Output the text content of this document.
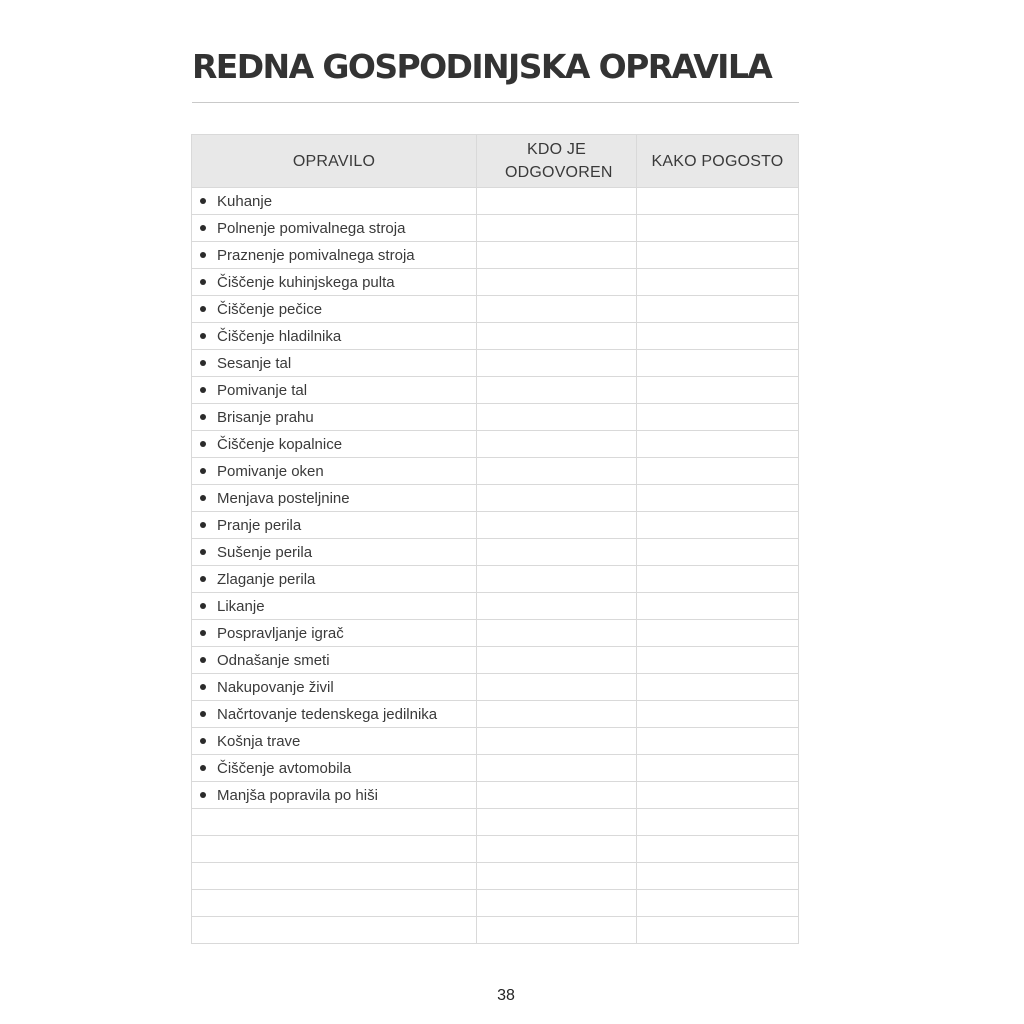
REDNA GOSPODINJSKA OPRAVILA
OPRAVILO	KDO JE ODGOVOREN	KAKO POGOSTO
Kuhanje		
Polnenje pomivalnega stroja		
Praznenje pomivalnega stroja		
Čiščenje kuhinjskega pulta		
Čiščenje pečice		
Čiščenje hladilnika		
Sesanje tal		
Pomivanje tal		
Brisanje prahu		
Čiščenje kopalnice		
Pomivanje oken		
Menjava posteljnine		
Pranje perila		
Sušenje perila		
Zlaganje perila		
Likanje		
Pospravljanje igrač		
Odnašanje smeti		
Nakupovanje živil		
Načrtovanje tedenskega jedilnika		
Košnja trave		
Čiščenje avtomobila		
Manjša popravila po hiši		

38
